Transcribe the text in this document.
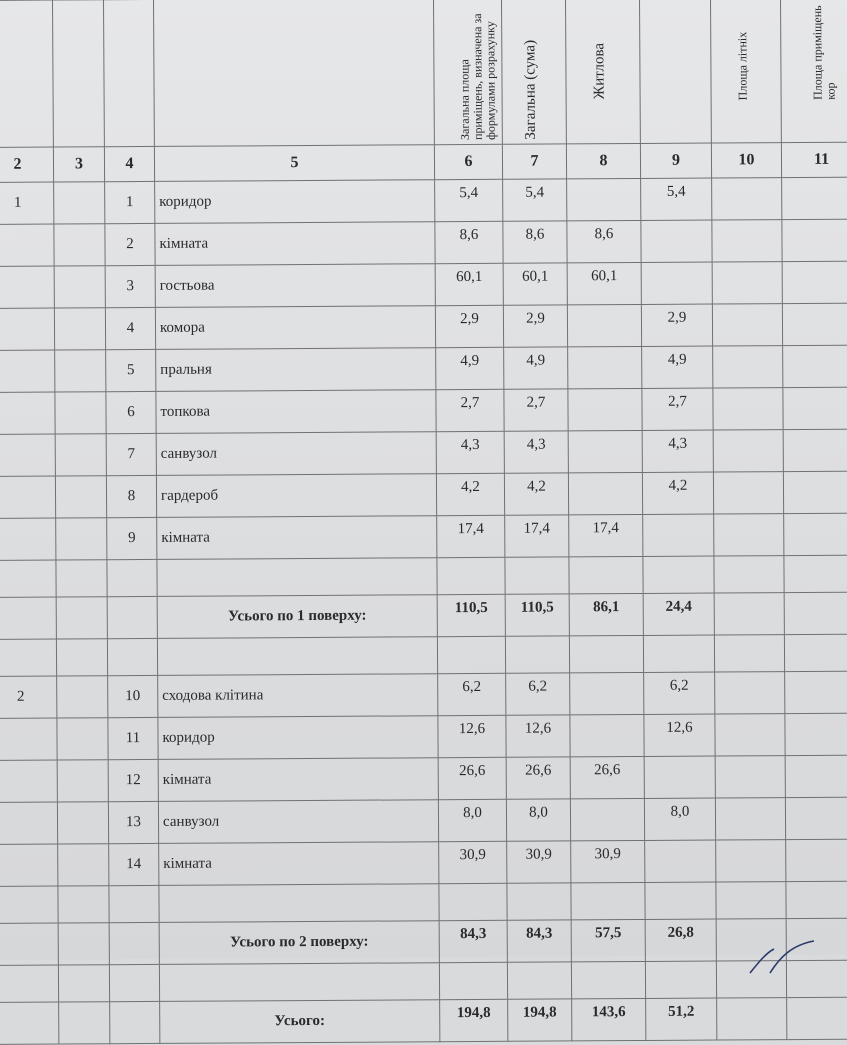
				Загальна площа приміщень, визначена за формулами розрахунку	Загальна (сума)	Житлова		Площа літніх	Площа приміщень кор

2	3	4	5	6	7	8	9	10	11
1		1	коридор	5,4	5,4		5,4		
		2	кімната	8,6	8,6	8,6			
		3	гостьова	60,1	60,1	60,1			
		4	комора	2,9	2,9		2,9		
		5	пральня	4,9	4,9		4,9		
		6	топкова	2,7	2,7		2,7		
		7	санвузол	4,3	4,3		4,3		
		8	гардероб	4,2	4,2		4,2		
		9	кімната	17,4	17,4	17,4			

			Усього по 1 поверху:	110,5	110,5	86,1	24,4		

2		10	сходова клітина	6,2	6,2		6,2		
		11	коридор	12,6	12,6		12,6		
		12	кімната	26,6	26,6	26,6			
		13	санвузол	8,0	8,0		8,0		
		14	кімната	30,9	30,9	30,9			

			Усього по 2 поверху:	84,3	84,3	57,5	26,8		

			Усього:	194,8	194,8	143,6	51,2		
